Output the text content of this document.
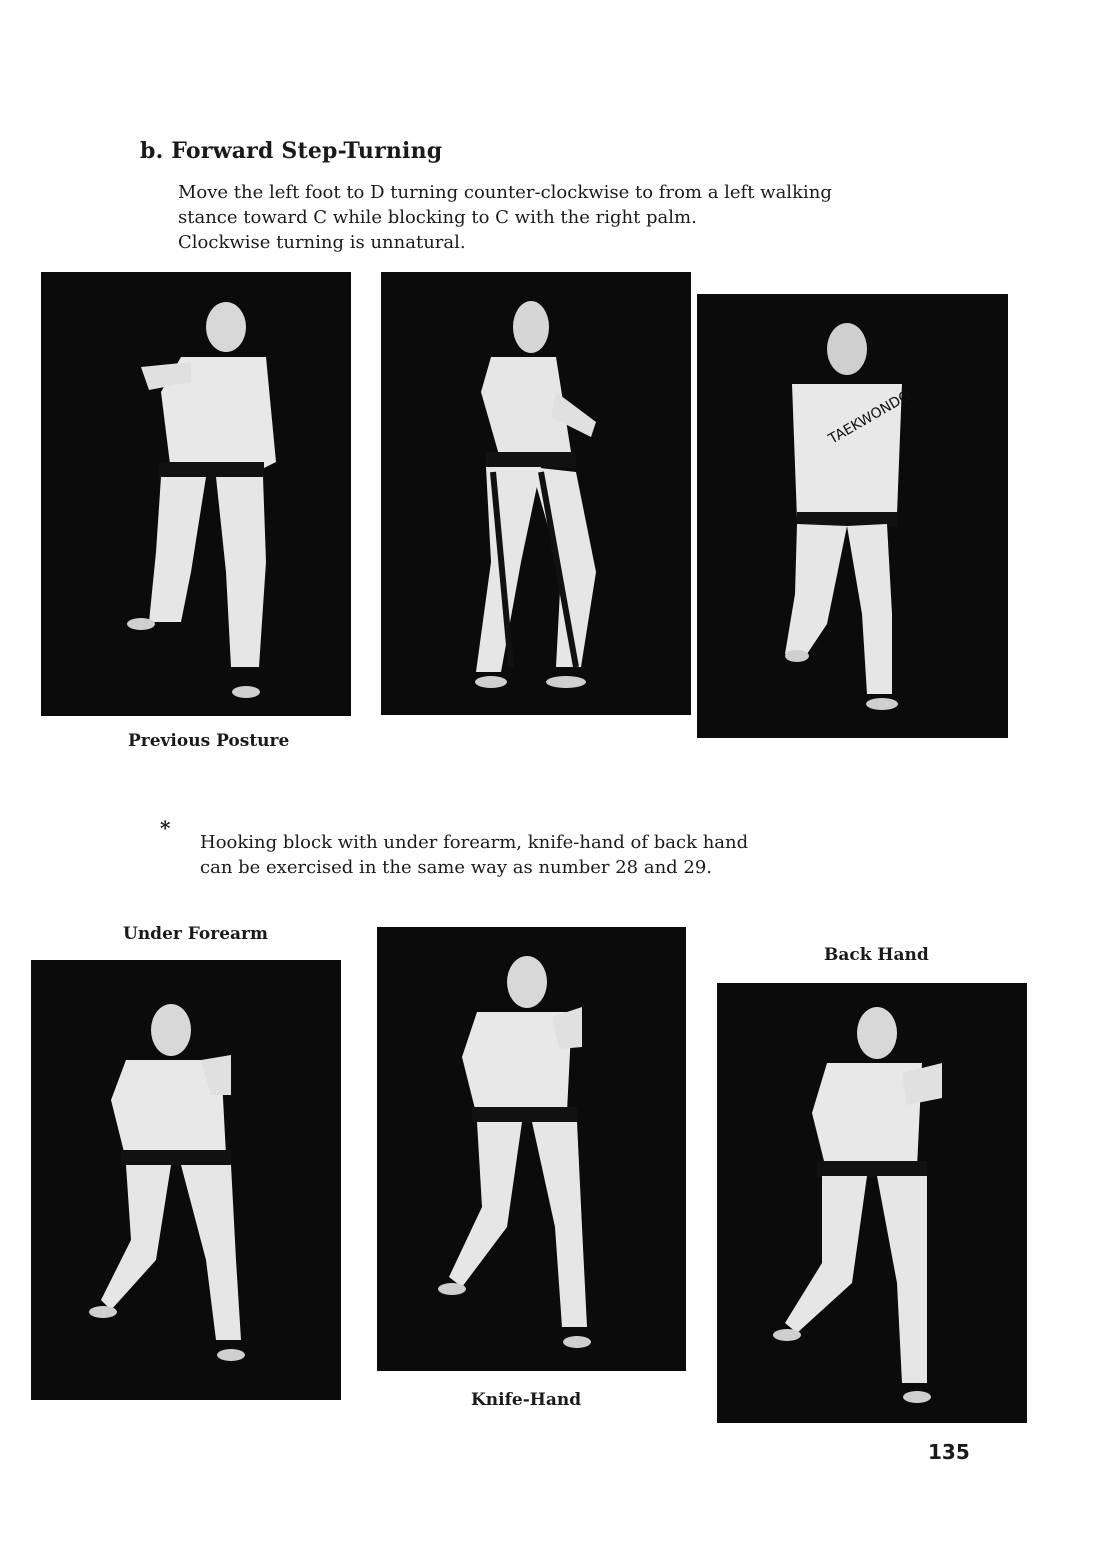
b. Forward Step-Turning
Move the left foot to D turning counter-clockwise to from a left walking
stance toward C while blocking to C with the right palm.
Clockwise turning is unnatural.
Previous Posture
TAEKWONDO
*
Hooking block with under forearm, knife-hand of back hand
can be exercised in the same way as number 28 and 29.
Under Forearm
Knife-Hand
Back Hand
135
